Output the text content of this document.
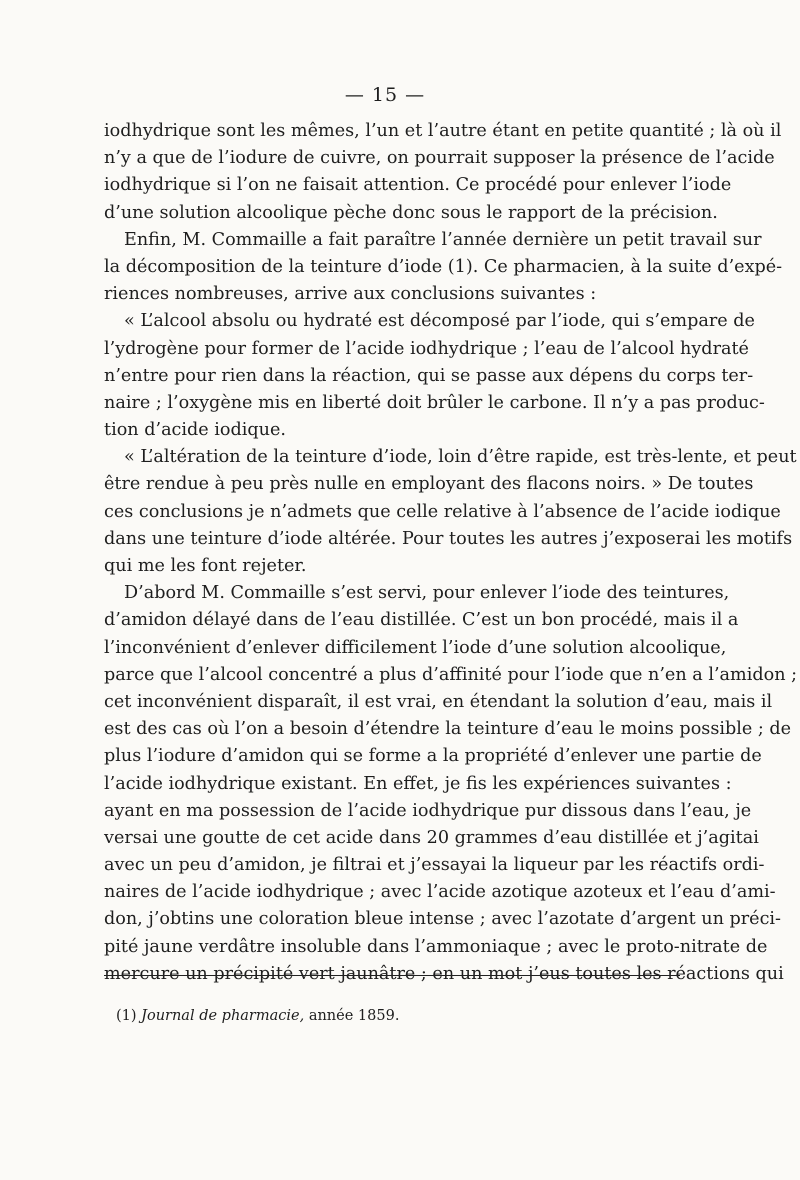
— 15 —
iodhydrique sont les mêmes, l’un et l’autre étant en petite quantité ; là où il
n’y a que de l’iodure de cuivre, on pourrait supposer la présence de l’acide
iodhydrique si l’on ne faisait attention. Ce procédé pour enlever l’iode
d’une solution alcoolique pèche donc sous le rapport de la précision.
Enfin, M. Commaille a fait paraître l’année dernière un petit travail sur
la décomposition de la teinture d’iode (1). Ce pharmacien, à la suite d’expé-
riences nombreuses, arrive aux conclusions suivantes :
« L’alcool absolu ou hydraté est décomposé par l’iode, qui s’empare de
l’ydrogène pour former de l’acide iodhydrique ; l’eau de l’alcool hydraté
n’entre pour rien dans la réaction, qui se passe aux dépens du corps ter-
naire ; l’oxygène mis en liberté doit brûler le carbone. Il n’y a pas produc-
tion d’acide iodique.
« L’altération de la teinture d’iode, loin d’être rapide, est très-lente, et peut
être rendue à peu près nulle en employant des flacons noirs. » De toutes
ces conclusions je n’admets que celle relative à l’absence de l’acide iodique
dans une teinture d’iode altérée. Pour toutes les autres j’exposerai les motifs
qui me les font rejeter.
D’abord M. Commaille s’est servi, pour enlever l’iode des teintures,
d’amidon délayé dans de l’eau distillée. C’est un bon procédé, mais il a
l’inconvénient d’enlever difficilement l’iode d’une solution alcoolique,
parce que l’alcool concentré a plus d’affinité pour l’iode que n’en a l’amidon ;
cet inconvénient disparaît, il est vrai, en étendant la solution d’eau, mais il
est des cas où l’on a besoin d’étendre la teinture d’eau le moins possible ; de
plus l’iodure d’amidon qui se forme a la propriété d’enlever une partie de
l’acide iodhydrique existant. En effet, je fis les expériences suivantes :
ayant en ma possession de l’acide iodhydrique pur dissous dans l’eau, je
versai une goutte de cet acide dans 20 grammes d’eau distillée et j’agitai
avec un peu d’amidon, je filtrai et j’essayai la liqueur par les réactifs ordi-
naires de l’acide iodhydrique ; avec l’acide azotique azoteux et l’eau d’ami-
don, j’obtins une coloration bleue intense ; avec l’azotate d’argent un préci-
pité jaune verdâtre insoluble dans l’ammoniaque ; avec le proto-nitrate de
mercure un précipité vert jaunâtre ; en un mot j’eus toutes les réactions qui
(1) Journal de pharmacie, année 1859.
